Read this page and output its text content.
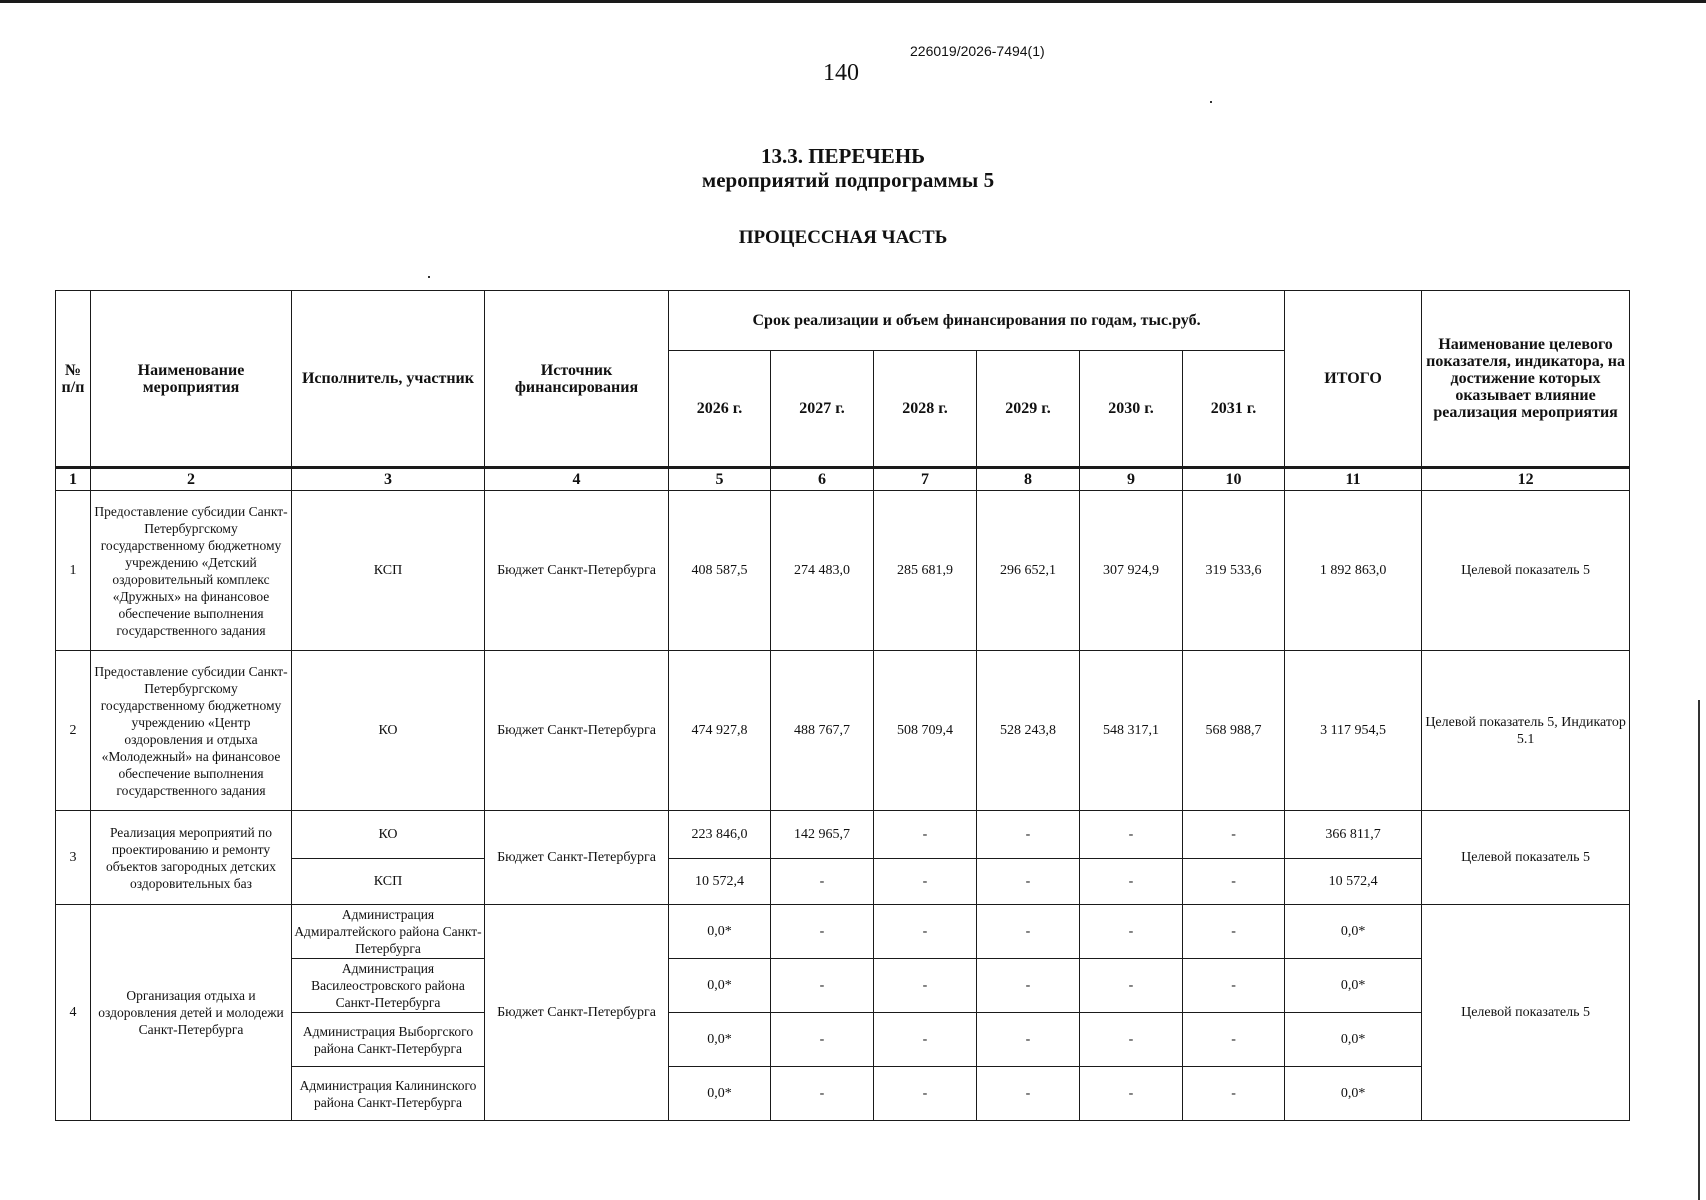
226019/2026-7494(1)
140
13.3. ПЕРЕЧЕНЬ
мероприятий подпрограммы 5
ПРОЦЕССНАЯ ЧАСТЬ
№ п/п	Наименование мероприятия	Исполнитель, участник	Источник финансирования	Срок реализации и объем финансирования по годам, тыс.руб.						ИТОГО	Наименование целевого показателя, индикатора, на достижение которых оказывает влияние реализация мероприятия
				2026 г.	2027 г.	2028 г.	2029 г.	2030 г.	2031 г.		
1	2	3	4	5	6	7	8	9	10	11	12
1	Предоставление субсидии Санкт-Петербургскому государственному бюджетному учреждению «Детский оздоровительный комплекс «Дружных» на финансовое обеспечение выполнения государственного задания	КСП	Бюджет Санкт-Петербурга	408 587,5	274 483,0	285 681,9	296 652,1	307 924,9	319 533,6	1 892 863,0	Целевой показатель 5
2	Предоставление субсидии Санкт-Петербургскому государственному бюджетному учреждению «Центр оздоровления и отдыха «Молодежный» на финансовое обеспечение выполнения государственного задания	КО	Бюджет Санкт-Петербурга	474 927,8	488 767,7	508 709,4	528 243,8	548 317,1	568 988,7	3 117 954,5	Целевой показатель 5, Индикатор 5.1
3	Реализация мероприятий по проектированию и ремонту объектов загородных детских оздоровительных баз	КО	Бюджет Санкт-Петербурга	223 846,0	142 965,7	-	-	-	-	366 811,7	Целевой показатель 5
		КСП		10 572,4	-	-	-	-	-	10 572,4	
4	Организация отдыха и оздоровления детей и молодежи Санкт-Петербурга	Администрация Адмиралтейского района Санкт-Петербурга	Бюджет Санкт-Петербурга	0,0*	-	-	-	-	-	0,0*	Целевой показатель 5
		Администрация Василеостровского района Санкт-Петербурга		0,0*	-	-	-	-	-	0,0*	
		Администрация Выборгского района Санкт-Петербурга		0,0*	-	-	-	-	-	0,0*	
		Администрация Калининского района Санкт-Петербурга		0,0*	-	-	-	-	-	0,0*	
